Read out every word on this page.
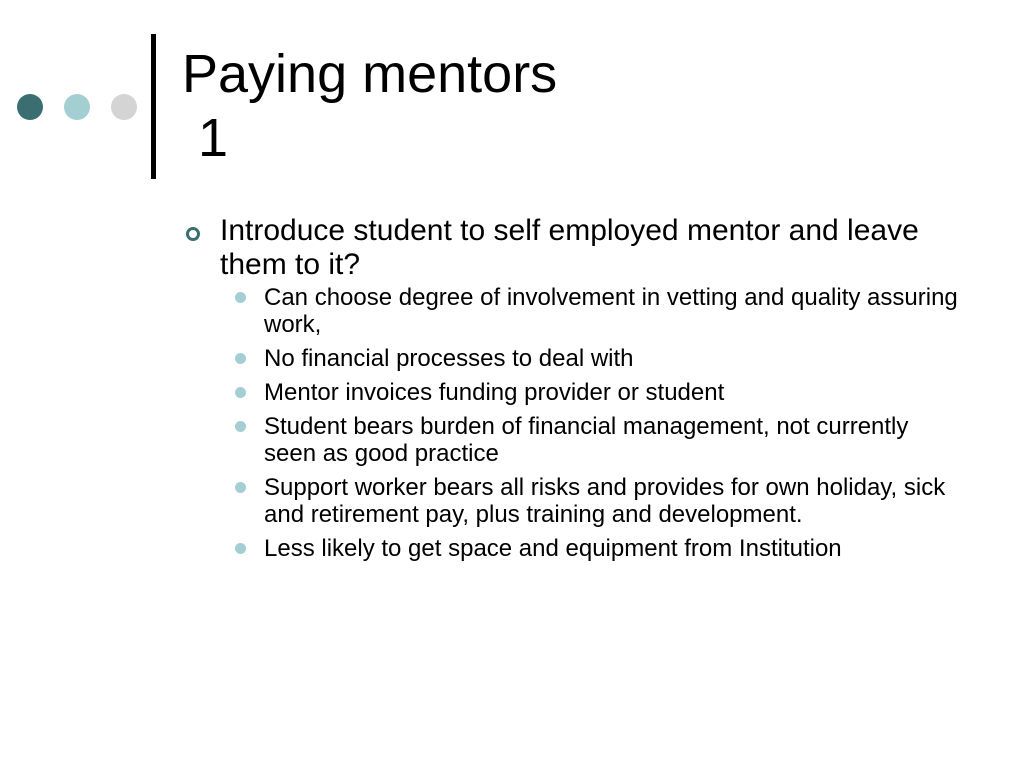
Paying mentors
1
Introduce student to self employed mentor and leave them to it?
Can choose degree of involvement in vetting and quality assuring work,
No financial processes to deal with
Mentor invoices funding provider or student
Student bears burden of financial management, not currently seen as good practice
Support worker bears all risks and provides for own holiday, sick and retirement pay, plus training and development.
Less likely to get space and equipment from Institution
